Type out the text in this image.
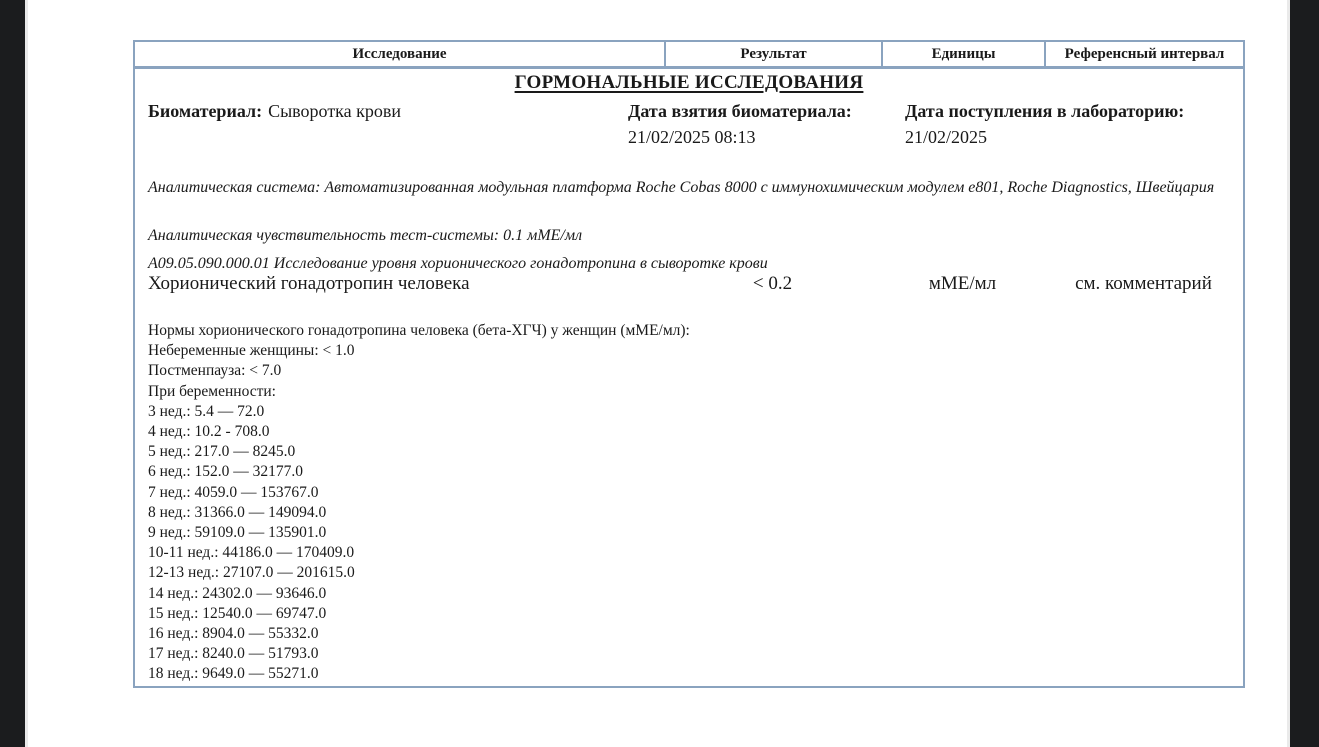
Исследование	Результат	Единицы	Референсный интервал
ГОРМОНАЛЬНЫЕ ИССЛЕДОВАНИЯ
Биоматериал: Сыворотка крови	Дата взятия биоматериала:	Дата поступления в лабораторию:
21/02/2025 08:13	21/02/2025
Аналитическая система: Автоматизированная модульная платформа Roche Cobas 8000 с иммунохимическим модулем е801, Roche Diagnostics, Швейцария
Аналитическая чувствительность тест-системы: 0.1 мМЕ/мл
А09.05.090.000.01 Исследование уровня хорионического гонадотропина в сыворотке крови
Хорионический гонадотропин человека	< 0.2	мМЕ/мл	см. комментарий
Нормы хорионического гонадотропина человека (бета-ХГЧ) у женщин (мМЕ/мл):
Небеременные женщины: < 1.0
Постменпауза: < 7.0
При беременности:
3 нед.: 5.4 — 72.0
4 нед.: 10.2 - 708.0
5 нед.: 217.0 — 8245.0
6 нед.: 152.0 — 32177.0
7 нед.: 4059.0 — 153767.0
8 нед.: 31366.0 — 149094.0
9 нед.: 59109.0 — 135901.0
10-11 нед.: 44186.0 — 170409.0
12-13 нед.: 27107.0 — 201615.0
14 нед.: 24302.0 — 93646.0
15 нед.: 12540.0 — 69747.0
16 нед.: 8904.0 — 55332.0
17 нед.: 8240.0 — 51793.0
18 нед.: 9649.0 — 55271.0
